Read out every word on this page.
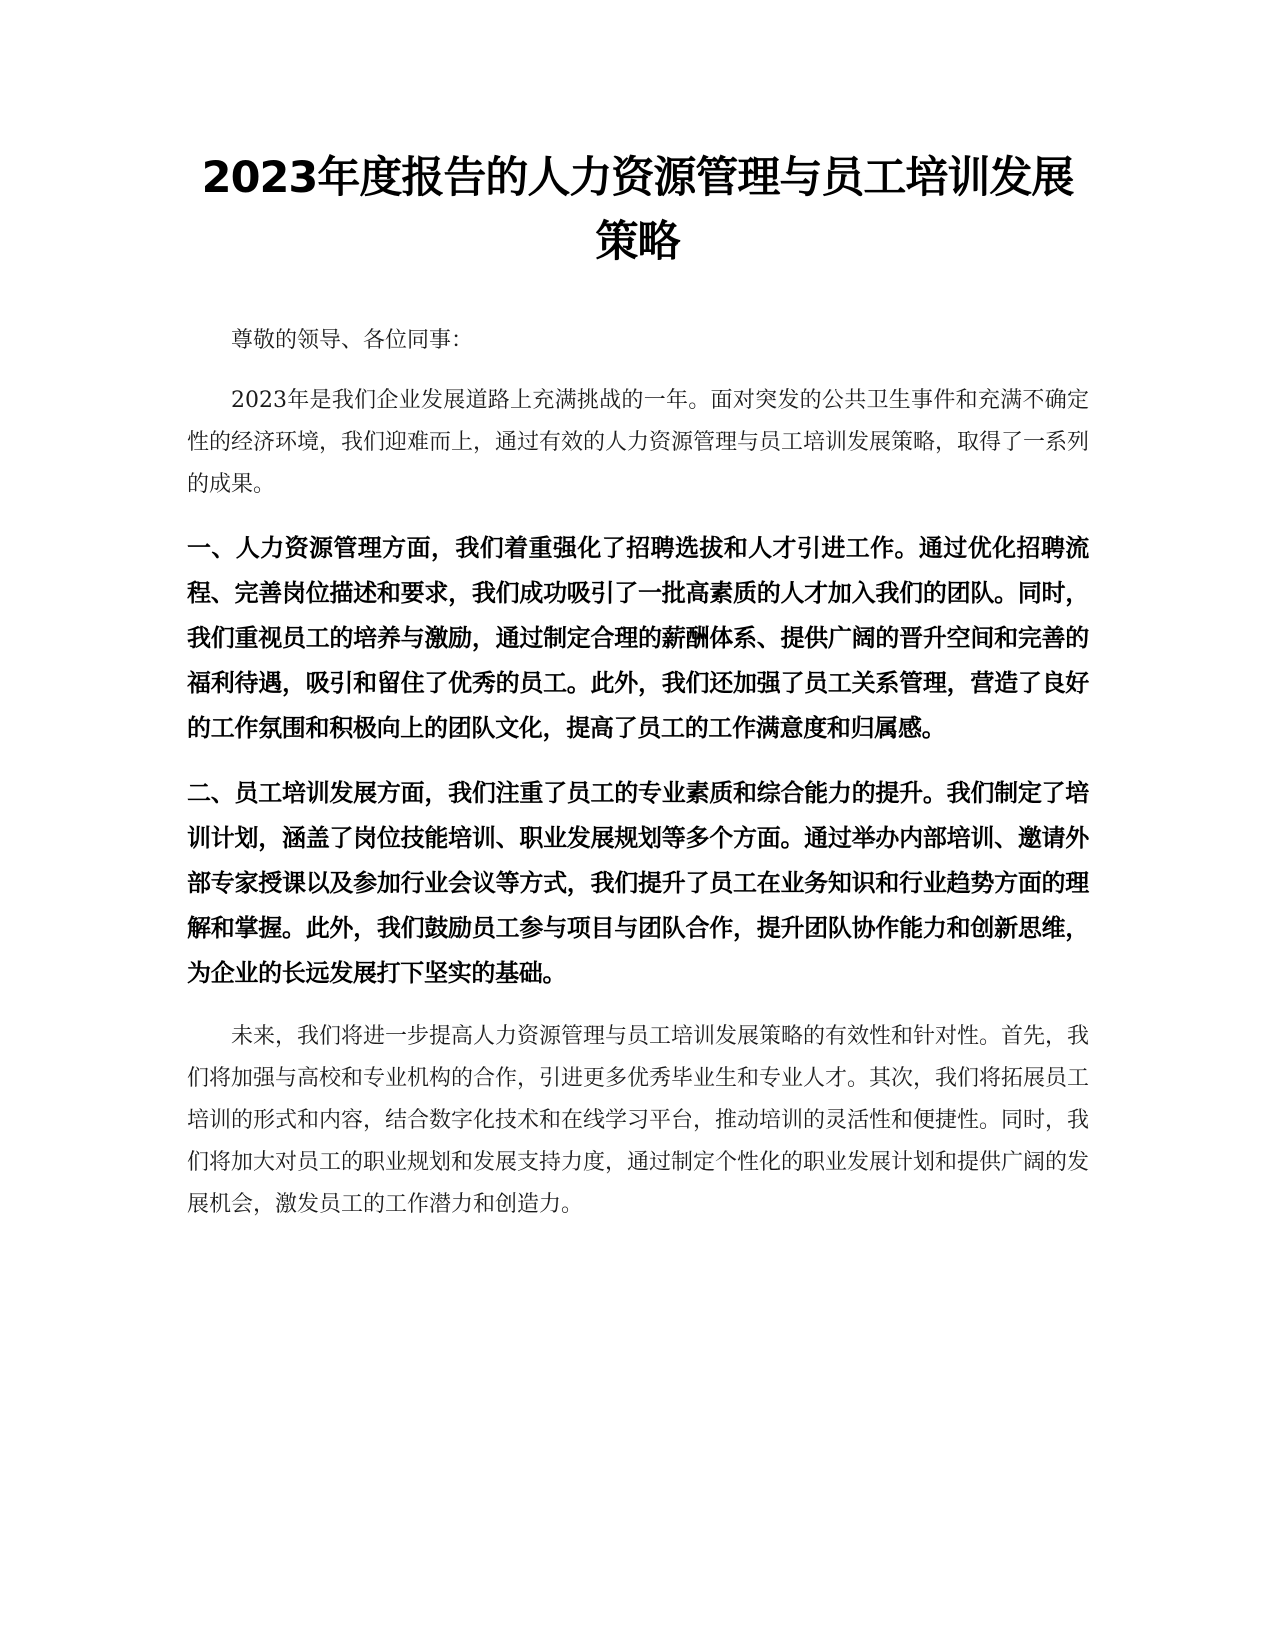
2023年度报告的人力资源管理与员工培训发展策略

尊敬的领导、各位同事：

2023年是我们企业发展道路上充满挑战的一年。面对突发的公共卫生事件和充满不确定性的经济环境，我们迎难而上，通过有效的人力资源管理与员工培训发展策略，取得了一系列的成果。

一、人力资源管理方面，我们着重强化了招聘选拔和人才引进工作。通过优化招聘流程、完善岗位描述和要求，我们成功吸引了一批高素质的人才加入我们的团队。同时，我们重视员工的培养与激励，通过制定合理的薪酬体系、提供广阔的晋升空间和完善的福利待遇，吸引和留住了优秀的员工。此外，我们还加强了员工关系管理，营造了良好的工作氛围和积极向上的团队文化，提高了员工的工作满意度和归属感。

二、员工培训发展方面，我们注重了员工的专业素质和综合能力的提升。我们制定了培训计划，涵盖了岗位技能培训、职业发展规划等多个方面。通过举办内部培训、邀请外部专家授课以及参加行业会议等方式，我们提升了员工在业务知识和行业趋势方面的理解和掌握。此外，我们鼓励员工参与项目与团队合作，提升团队协作能力和创新思维，为企业的长远发展打下坚实的基础。

未来，我们将进一步提高人力资源管理与员工培训发展策略的有效性和针对性。首先，我们将加强与高校和专业机构的合作，引进更多优秀毕业生和专业人才。其次，我们将拓展员工培训的形式和内容，结合数字化技术和在线学习平台，推动培训的灵活性和便捷性。同时，我们将加大对员工的职业规划和发展支持力度，通过制定个性化的职业发展计划和提供广阔的发展机会，激发员工的工作潜力和创造力。
